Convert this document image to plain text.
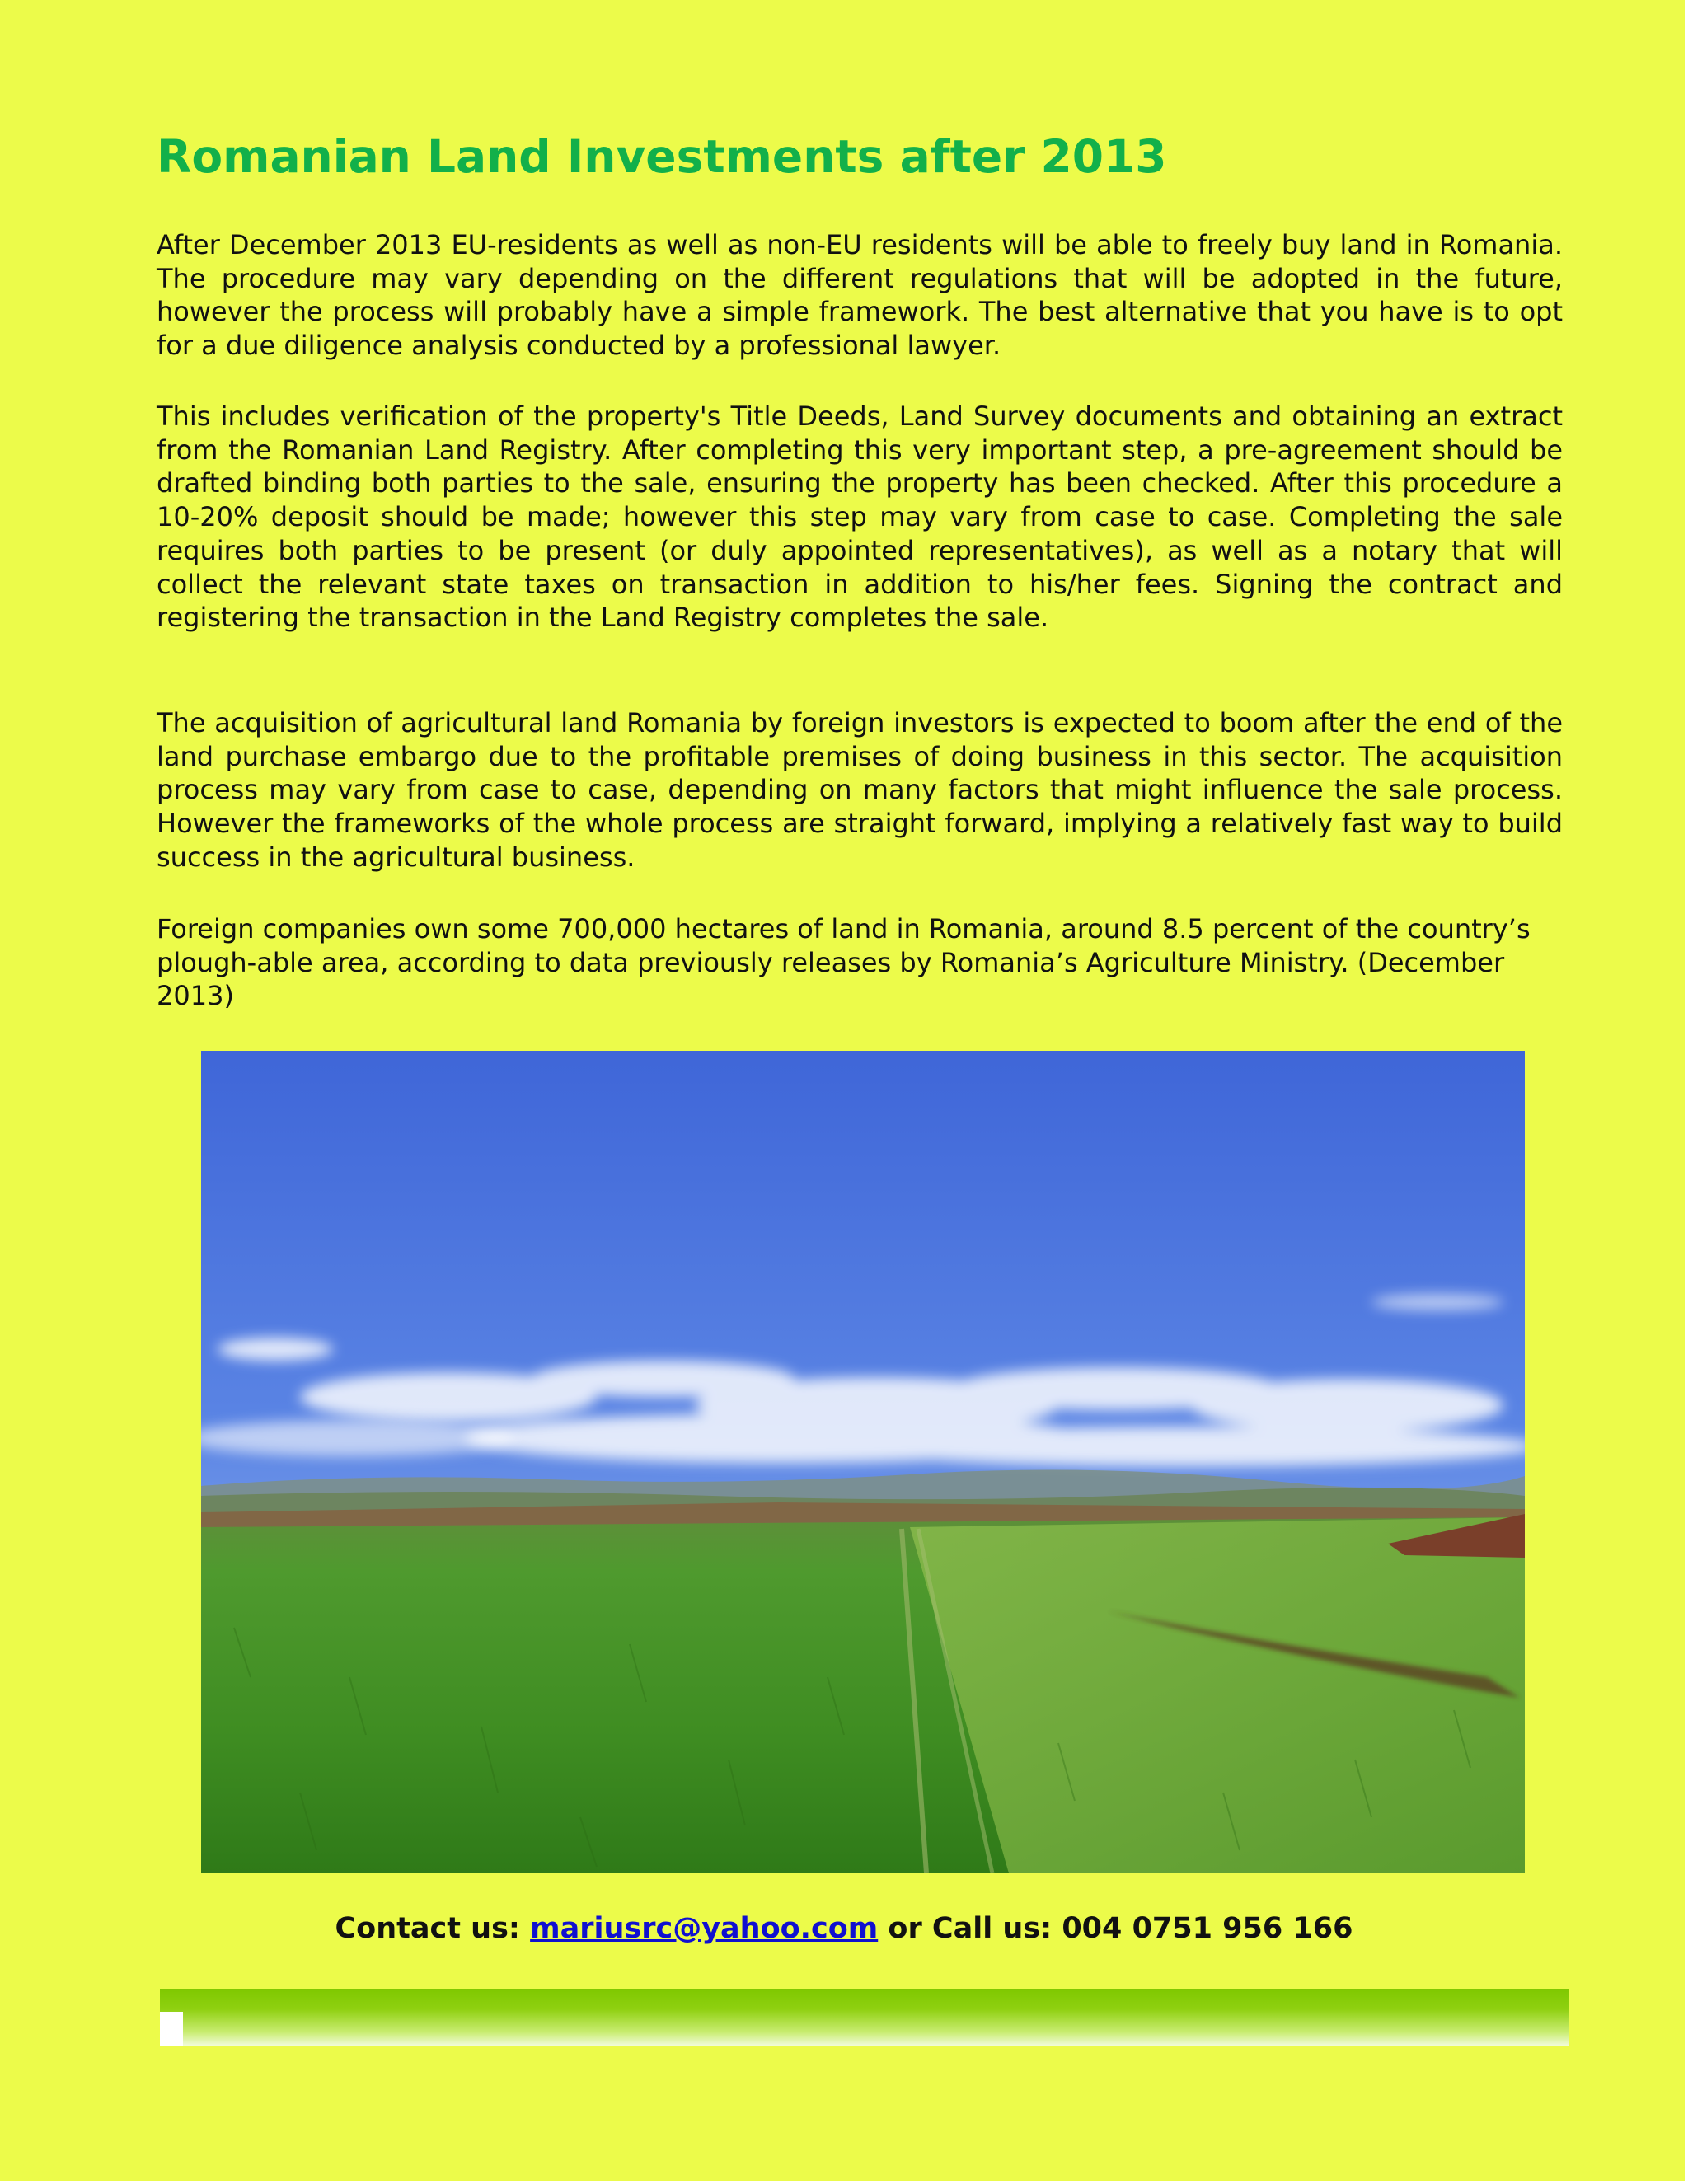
Romanian Land Investments after 2013

After December 2013 EU-residents as well as non-EU residents will be able to freely buy land in Romania. The procedure may vary depending on the different regulations that will be adopted in the future, however the process will probably have a simple framework. The best alternative that you have is to opt for a due diligence analysis conducted by a professional lawyer.

This includes verification of the property's Title Deeds, Land Survey documents and obtaining an extract from the Romanian Land Registry. After completing this very important step, a pre-agreement should be drafted binding both parties to the sale, ensuring the property has been checked. After this procedure a 10-20% deposit should be made; however this step may vary from case to case. Completing the sale requires both parties to be present (or duly appointed representatives), as well as a notary that will collect the relevant state taxes on transaction in addition to his/her fees. Signing the contract and registering the transaction in the Land Registry completes the sale.

The acquisition of agricultural land Romania by foreign investors is expected to boom after the end of the land purchase embargo due to the profitable premises of doing business in this sector. The acquisition process may vary from case to case, depending on many factors that might influence the sale process. However the frameworks of the whole process are straight forward, implying a relatively fast way to build success in the agricultural business.

Foreign companies own some 700,000 hectares of land in Romania, around 8.5 percent of the country’s plough-able area, according to data previously releases by Romania’s Agriculture Ministry. (December 2013)

Contact us: mariusrc@yahoo.com or Call us: 004 0751 956 166
